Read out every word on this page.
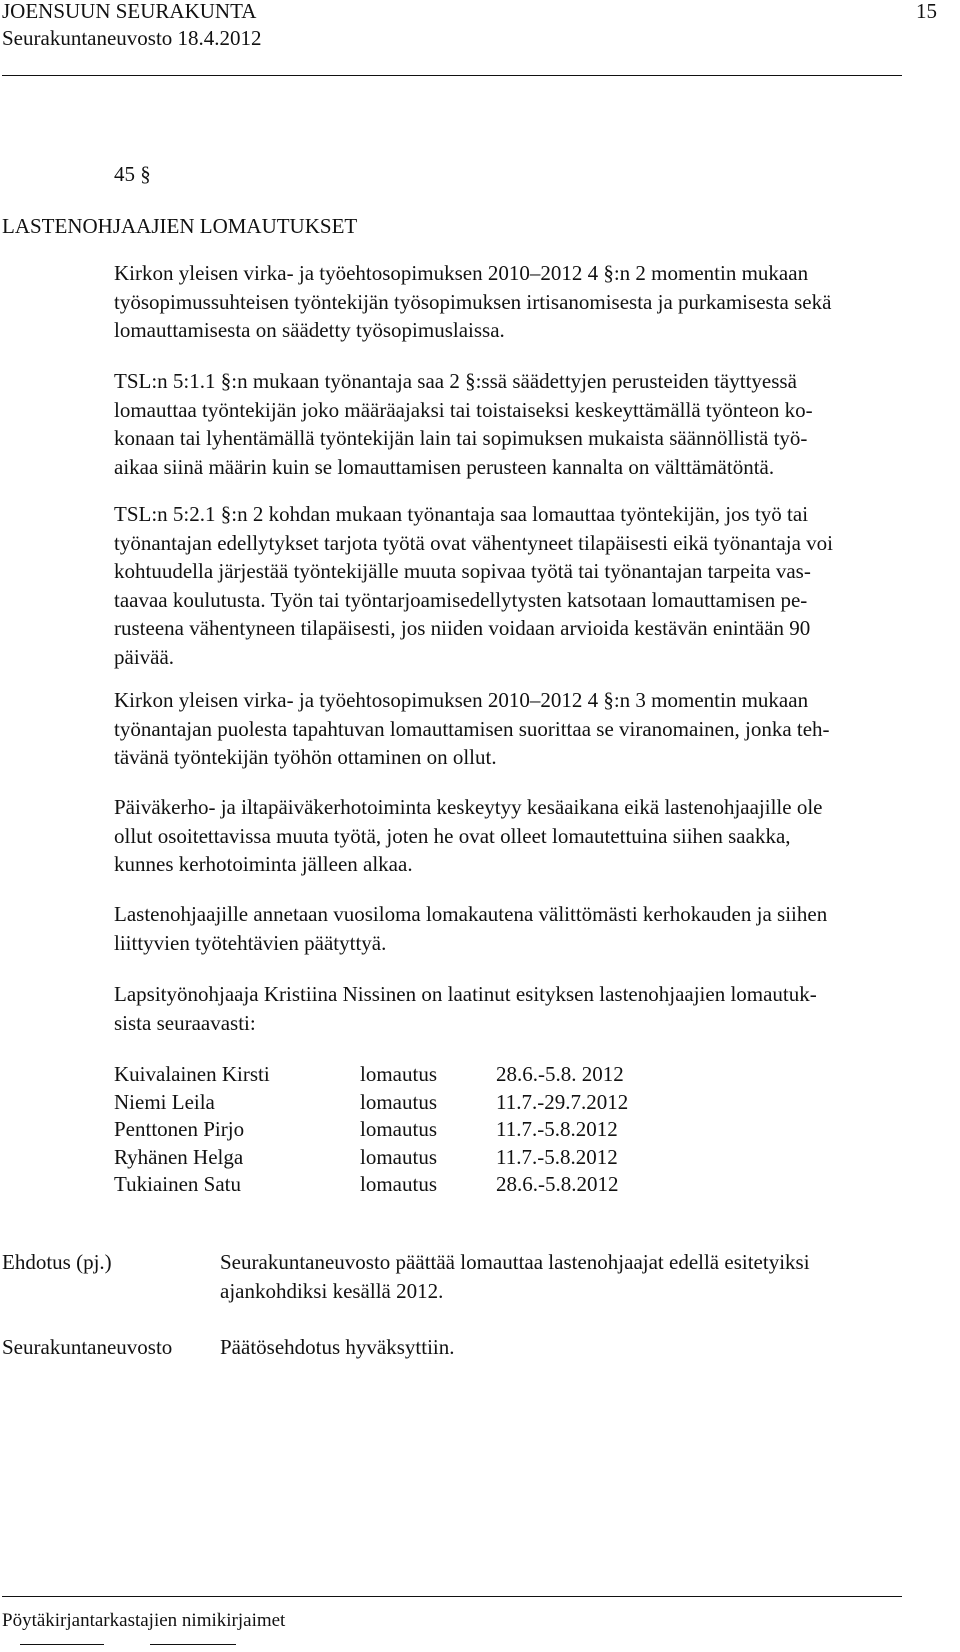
JOENSUUN SEURAKUNTA	15
Seurakuntaneuvosto 18.4.2012
45 §
LASTENOHJAAJIEN LOMAUTUKSET

Kirkon yleisen virka- ja työehtosopimuksen 2010–2012 4 §:n 2 momentin mukaan

työsopimussuhteisen työntekijän työsopimuksen irtisanomisesta ja purkamisesta sekä

lomauttamisesta on säädetty työsopimuslaissa.

TSL:n 5:1.1 §:n mukaan työnantaja saa 2 §:ssä säädettyjen perusteiden täyttyessä

lomauttaa työntekijän joko määräajaksi tai toistaiseksi keskeyttämällä työnteon ko-

konaan tai lyhentämällä työntekijän lain tai sopimuksen mukaista säännöllistä työ-

aikaa siinä määrin kuin se lomauttamisen perusteen kannalta on välttämätöntä.

TSL:n 5:2.1 §:n 2 kohdan mukaan työnantaja saa lomauttaa työntekijän, jos työ tai

työnantajan edellytykset tarjota työtä ovat vähentyneet tilapäisesti eikä työnantaja voi

kohtuudella järjestää työntekijälle muuta sopivaa työtä tai työnantajan tarpeita vas-

taavaa koulutusta. Työn tai työntarjoamisedellytysten katsotaan lomauttamisen pe-

rusteena vähentyneen tilapäisesti, jos niiden voidaan arvioida kestävän enintään 90

päivää.

Kirkon yleisen virka- ja työehtosopimuksen 2010–2012 4 §:n 3 momentin mukaan

työnantajan puolesta tapahtuvan lomauttamisen suorittaa se viranomainen, jonka teh-

tävänä työntekijän työhön ottaminen on ollut.

Päiväkerho- ja iltapäiväkerhotoiminta keskeytyy kesäaikana eikä lastenohjaajille ole

ollut osoitettavissa muuta työtä, joten he ovat olleet lomautettuina siihen saakka,

kunnes kerhotoiminta jälleen alkaa.

Lastenohjaajille annetaan vuosiloma lomakautena välittömästi kerhokauden ja siihen

liittyvien työtehtävien päätyttyä.

Lapsityönohjaaja Kristiina Nissinen on laatinut esityksen lastenohjaajien lomautuk-

sista seuraavasti:

Kuivalainen Kirsti	lomautus	28.6.-5.8. 2012
Niemi Leila	lomautus	11.7.-29.7.2012
Penttonen Pirjo	lomautus	11.7.-5.8.2012
Ryhänen Helga	lomautus	11.7.-5.8.2012
Tukiainen Satu	lomautus	28.6.-5.8.2012
Ehdotus (pj.)	Seurakuntaneuvosto päättää lomauttaa lastenohjaajat edellä esitetyiksi
ajankohdiksi kesällä 2012.
Seurakuntaneuvosto	Päätösehdotus hyväksyttiin.
Pöytäkirjantarkastajien nimikirjaimet
